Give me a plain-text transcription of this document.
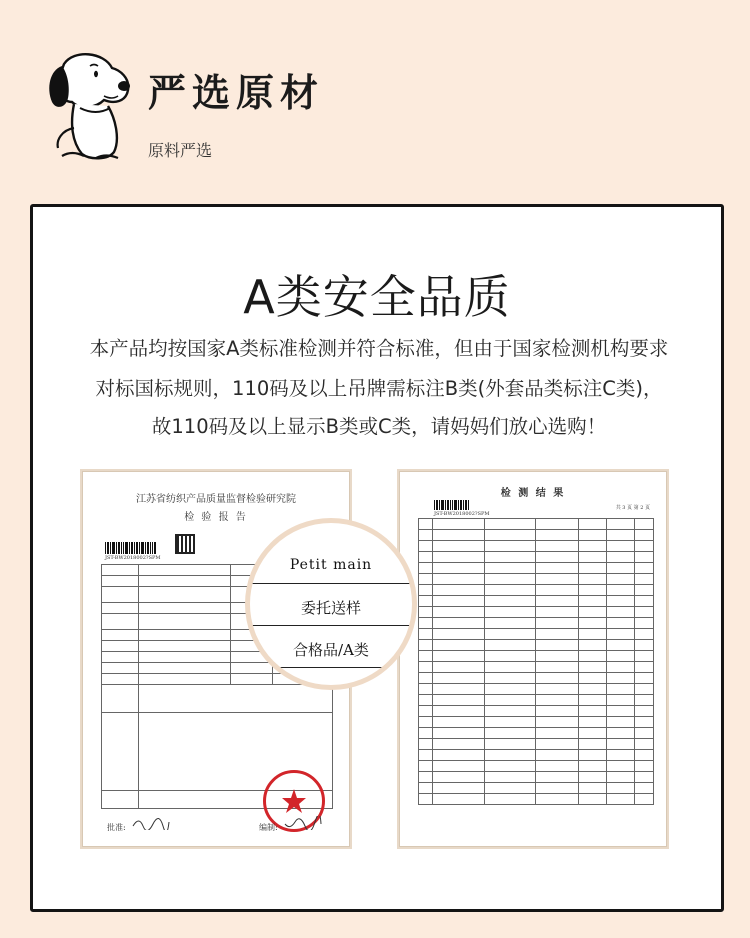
严选原材
原料严选
A类安全品质
本产品均按国家A类标准检测并符合标准，但由于国家检测机构要求
对标国标规则，110码及以上吊牌需标注B类(外套品类标注C类)，
故110码及以上显示B类或C类，请妈妈们放心选购！
江苏省纺织产品质量监督检验研究院
检 验 报 告
JST-BW2018002?SPM

批准:	编制:
检 测 结 果
JST-BW2018002?SPM
共 3 页 第 2 页

Petit main
委托送样
合格品/A类
